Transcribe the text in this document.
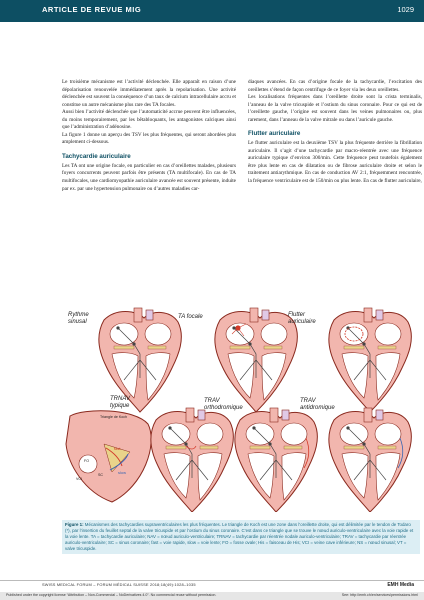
ARTICLE DE REVUE MIG	1029

Le troisième mécanisme est l’activité déclenchée. Elle apparaît en raison d’une dépolarisation renouvelée immédiatement après la repolarisation. Une activité déclenchée est souvent la conséquence d’un taux de calcium intracellulaire accru et constitue un autre mécanisme plus rare des TA focales.

Aussi bien l’activité déclenchée que l’automaticité accrue peuvent être influencées, du moins temporairement, par les bêtabloquants, les antagonistes calciques ainsi que l’administration d’adénosine.

La figure 1 donne un aperçu des TSV les plus fréquentes, qui seront abordées plus amplement ci-dessous.

Tachycardie auriculaire

Les TA ont une origine focale, en particulier en cas d’oreillettes malades, plusieurs foyers concurrents peuvent parfois être présents (TA multifocale). En cas de TA multifocales, une cardiomyopathie auriculaire avancée est souvent présente, induite par ex. par une hypertension pulmonaire ou d’autres maladies car-

diaques avancées. En cas d’origine focale de la tachycardie, l’excitation des oreillettes s’étend de façon centrifuge de ce foyer via les deux oreillettes.

Les localisations fréquentes dans l’oreillette droite sont la crista terminalis, l’anneau de la valve tricuspide et l’ostium du sinus coronaire. Pour ce qui est de l’oreillette gauche, l’origine est souvent dans les veines pulmonaires ou, plus rarement, dans l’anneau de la valve mitrale ou dans l’auricule gauche.

Flutter auriculaire

Le flutter auriculaire est la deuxième TSV la plus fréquente derrière la fibrillation auriculaire. Il s’agit d’une tachycardie par macro-réentrée avec une fréquence auriculaire typique d’environ 300/min. Cette fréquence peut toutefois également être plus lente en cas de dilatation ou de fibrose auriculaire droite et selon le traitement antiarythmique. En cas de conduction AV 2:1, fréquemment rencontrée, la fréquence ventriculaire est de 150/min ou plus lente. En cas de flutter auriculaire,

Rythme sinusal
TA focale	Flutter auriculaire
TRNAV typique
TRAV orthodromique
TRAV antidromique
Triangle de Koch
fast
slow
FO
SC
VCI
Figure 1: Mécanismes des tachycardies supraventriculaires les plus fréquentes. Le triangle de Koch est une zone dans l’oreillette droite, qui est délimitée par le tendon de Todaro (*), par l’insertion du feuillet septal de la valve tricuspide et par l’ostium du sinus coronaire. C’est dans ce triangle que se trouve le nœud auriculo-ventriculaire avec la voie rapide et la voie lente. TA = tachycardie auriculaire; NAV = nœud auriculo-ventriculaire; TRNAV = tachycardie par réentrée nodale auriculo-ventriculaire; TRAV = tachycardie par réentrée auriculo-ventriculaire; SC = sinus coronaire; fast = voie rapide, slow = voie lente; FO = fosse ovale; His = faisceau de His; VCI = veine cave inférieure; NS = nœud sinusal; VT = valve tricuspide.
SWISS MEDICAL FORUM – FORUM MÉDICAL SUISSE 2018;18(49):1028–1035	EMH Media
Published under the copyright license “Attribution – Non-Commercial – NoDerivatives 4.0”. No commercial reuse without permission.	See: http://emh.ch/en/services/permissions.html
